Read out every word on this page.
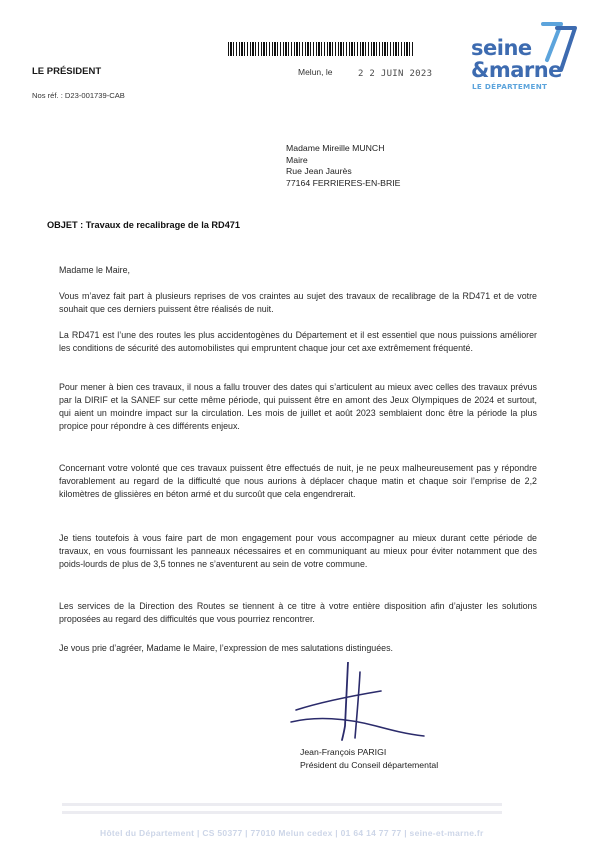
LE PRÉSIDENT
Nos réf. : D23-001739-CAB
Melun, le	2 2 JUIN 2023
seine
&marne
LE DÉPARTEMENT
Madame Mireille MUNCH
Maire
Rue Jean Jaurès
77164 FERRIERES-EN-BRIE
OBJET : Travaux de recalibrage de la RD471
Madame le Maire,
Vous m’avez fait part à plusieurs reprises de vos craintes au sujet des travaux de recalibrage de la RD471 et de votre souhait que ces derniers puissent être réalisés de nuit.
La RD471 est l’une des routes les plus accidentogènes du Département et il est essentiel que nous puissions améliorer les conditions de sécurité des automobilistes qui empruntent chaque jour cet axe extrêmement fréquenté.
Pour mener à bien ces travaux, il nous a fallu trouver des dates qui s’articulent au mieux avec celles des travaux prévus par la DIRIF et la SANEF sur cette même période, qui puissent être en amont des Jeux Olympiques de 2024 et surtout, qui aient un moindre impact sur la circulation. Les mois de juillet et août 2023 semblaient donc être la période la plus propice pour répondre à ces différents enjeux.
Concernant votre volonté que ces travaux puissent être effectués de nuit, je ne peux malheureusement pas y répondre favorablement au regard de la difficulté que nous aurions à déplacer chaque matin et chaque soir l’emprise de 2,2 kilomètres de glissières en béton armé et du surcoût que cela engendrerait.
Je tiens toutefois à vous faire part de mon engagement pour vous accompagner au mieux durant cette période de travaux, en vous fournissant les panneaux nécessaires et en communiquant au mieux pour éviter notamment que des poids-lourds de plus de 3,5 tonnes ne s’aventurent au sein de votre commune.
Les services de la Direction des Routes se tiennent à ce titre à votre entière disposition afin d’ajuster les solutions proposées au regard des difficultés que vous pourriez rencontrer.
Je vous prie d’agréer, Madame le Maire, l’expression de mes salutations distinguées.
Jean-François PARIGI
Président du Conseil départemental
Hôtel du Département | CS 50377 | 77010 Melun cedex | 01 64 14 77 77 | seine-et-marne.fr
